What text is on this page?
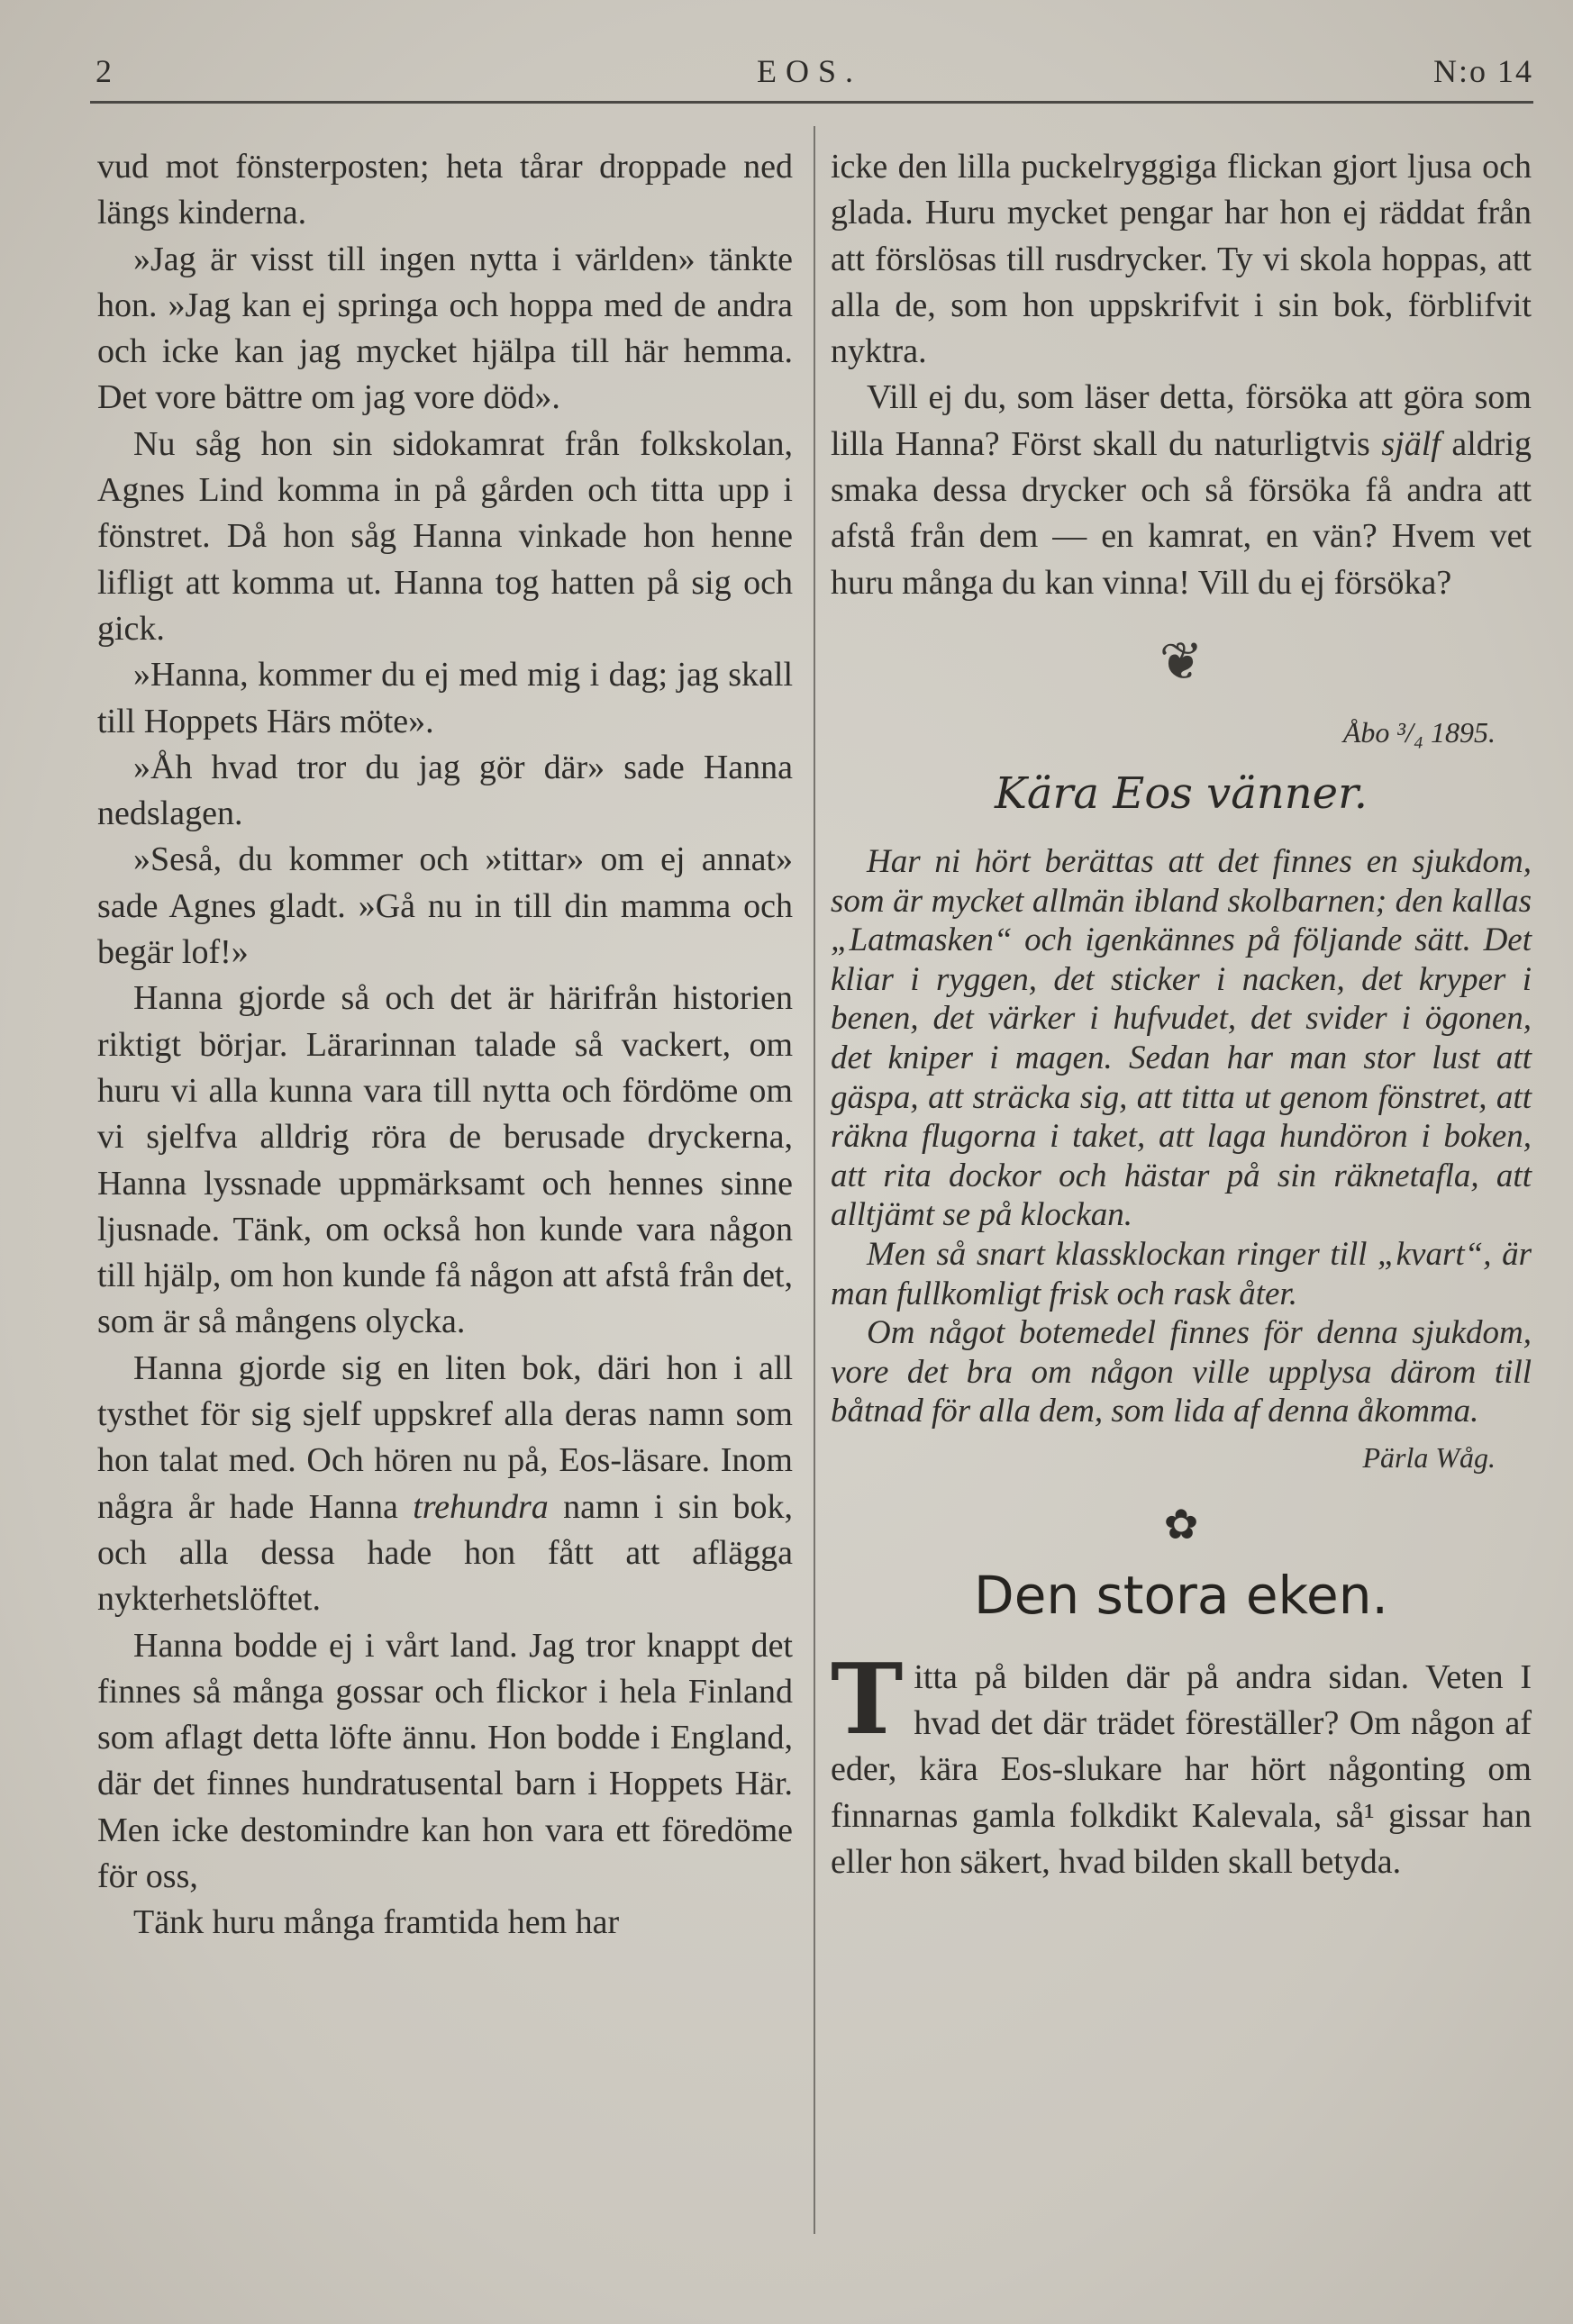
2	EOS.	N:o 14

vud mot fönsterposten; heta tårar droppade ned längs kinderna.

»Jag är visst till ingen nytta i världen» tänkte hon. »Jag kan ej springa och hoppa med de andra och icke kan jag mycket hjälpa till här hemma. Det vore bättre om jag vore död».

Nu såg hon sin sidokamrat från folkskolan, Agnes Lind komma in på gården och titta upp i fönstret. Då hon såg Hanna vinkade hon henne lifligt att komma ut. Hanna tog hatten på sig och gick.

»Hanna, kommer du ej med mig i dag; jag skall till Hoppets Härs möte».

»Åh hvad tror du jag gör där» sade Hanna nedslagen.

»Seså, du kommer och »tittar» om ej annat» sade Agnes gladt. »Gå nu in till din mamma och begär lof!»

Hanna gjorde så och det är härifrån historien riktigt börjar. Lärarinnan talade så vackert, om huru vi alla kunna vara till nytta och fördöme om vi sjelfva alldrig röra de berusade dryckerna, Hanna lyssnade uppmärksamt och hennes sinne ljusnade. Tänk, om också hon kunde vara någon till hjälp, om hon kunde få någon att afstå från det, som är så mångens olycka.

Hanna gjorde sig en liten bok, däri hon i all tysthet för sig sjelf uppskref alla deras namn som hon talat med. Och hören nu på, Eos-läsare. Inom några år hade Hanna trehundra namn i sin bok, och alla dessa hade hon fått att aflägga nykterhetslöftet.

Hanna bodde ej i vårt land. Jag tror knappt det finnes så många gossar och flickor i hela Finland som aflagt detta löfte ännu. Hon bodde i England, där det finnes hundratusental barn i Hoppets Här. Men icke destomindre kan hon vara ett föredöme för oss,

Tänk huru många framtida hem har

icke den lilla puckelryggiga flickan gjort ljusa och glada. Huru mycket pengar har hon ej räddat från att förslösas till rusdrycker. Ty vi skola hoppas, att alla de, som hon uppskrifvit i sin bok, förblifvit nyktra.

Vill ej du, som läser detta, försöka att göra som lilla Hanna? Först skall du naturligtvis själf aldrig smaka dessa drycker och så försöka få andra att afstå från dem — en kamrat, en vän? Hvem vet huru många du kan vinna! Vill du ej försöka?

❦
Åbo ³/₄ 1895.
Kära Eos vänner.

Har ni hört berättas att det finnes en sjukdom, som är mycket allmän ibland skolbarnen; den kallas „Latmasken“ och igenkännes på följande sätt. Det kliar i ryggen, det sticker i nacken, det kryper i benen, det värker i hufvudet, det svider i ögonen, det kniper i magen. Sedan har man stor lust att gäspa, att sträcka sig, att titta ut genom fönstret, att räkna flugorna i taket, att laga hundöron i boken, att rita dockor och hästar på sin räknetafla, att alltjämt se på klockan.

Men så snart klassklockan ringer till „kvart“, är man fullkomligt frisk och rask åter.

Om något botemedel finnes för denna sjukdom, vore det bra om någon ville upplysa därom till båtnad för alla dem, som lida af denna åkomma.

Pärla Wåg.
✿
Den stora eken.

Titta på bilden där på andra sidan. Veten I hvad det där trädet föreställer? Om någon af eder, kära Eos-slukare har hört någonting om finnarnas gamla folkdikt Kalevala, så¹ gissar han eller hon säkert, hvad bilden skall betyda.
